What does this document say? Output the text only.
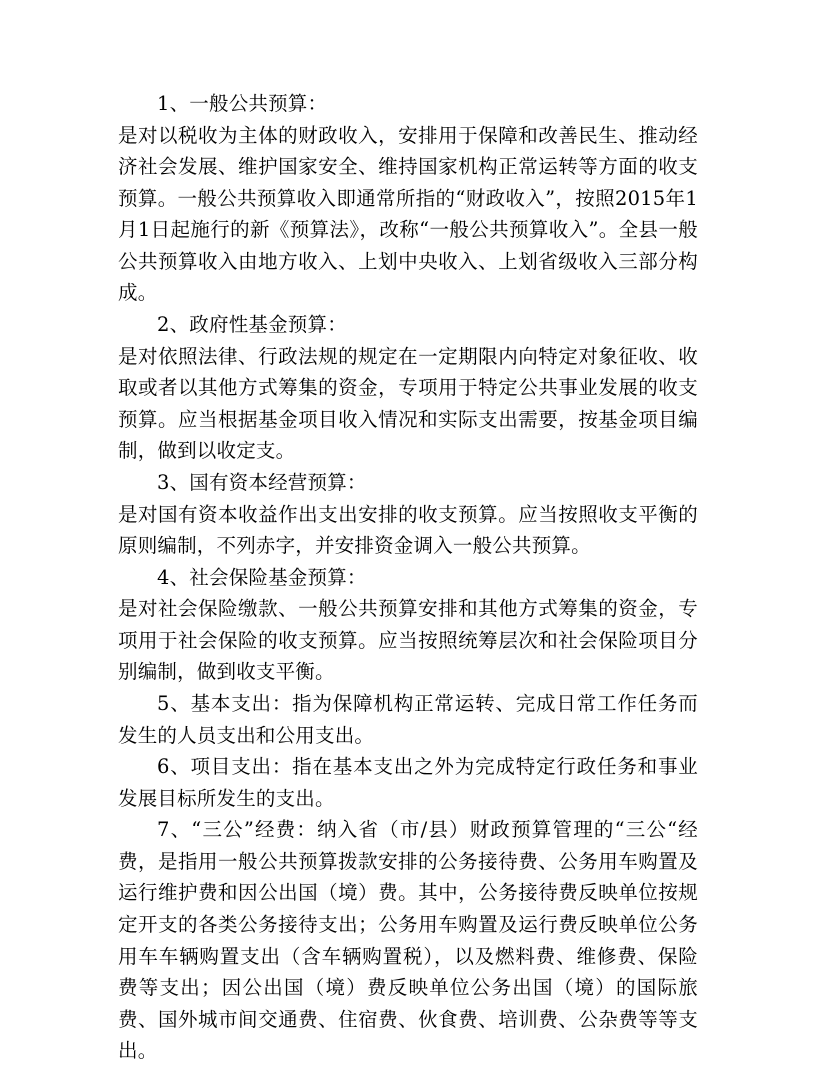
1、一般公共预算：

是对以税收为主体的财政收入，安排用于保障和改善民生、推动经济社会发展、维护国家安全、维持国家机构正常运转等方面的收支预算。一般公共预算收入即通常所指的“财政收入”，按照2015年1月1日起施行的新《预算法》，改称“一般公共预算收入”。全县一般公共预算收入由地方收入、上划中央收入、上划省级收入三部分构成。

2、政府性基金预算：

是对依照法律、行政法规的规定在一定期限内向特定对象征收、收取或者以其他方式筹集的资金，专项用于特定公共事业发展的收支预算。应当根据基金项目收入情况和实际支出需要，按基金项目编制，做到以收定支。

3、国有资本经营预算：

是对国有资本收益作出支出安排的收支预算。应当按照收支平衡的原则编制，不列赤字，并安排资金调入一般公共预算。

4、社会保险基金预算：

是对社会保险缴款、一般公共预算安排和其他方式筹集的资金，专项用于社会保险的收支预算。应当按照统筹层次和社会保险项目分别编制，做到收支平衡。

5、基本支出：指为保障机构正常运转、完成日常工作任务而发生的人员支出和公用支出。

6、项目支出：指在基本支出之外为完成特定行政任务和事业发展目标所发生的支出。

7、“三公”经费：纳入省（市/县）财政预算管理的“三公“经费，是指用一般公共预算拨款安排的公务接待费、公务用车购置及运行维护费和因公出国（境）费。其中，公务接待费反映单位按规定开支的各类公务接待支出；公务用车购置及运行费反映单位公务用车车辆购置支出（含车辆购置税），以及燃料费、维修费、保险费等支出；因公出国（境）费反映单位公务出国（境）的国际旅费、国外城市间交通费、住宿费、伙食费、培训费、公杂费等等支出。
